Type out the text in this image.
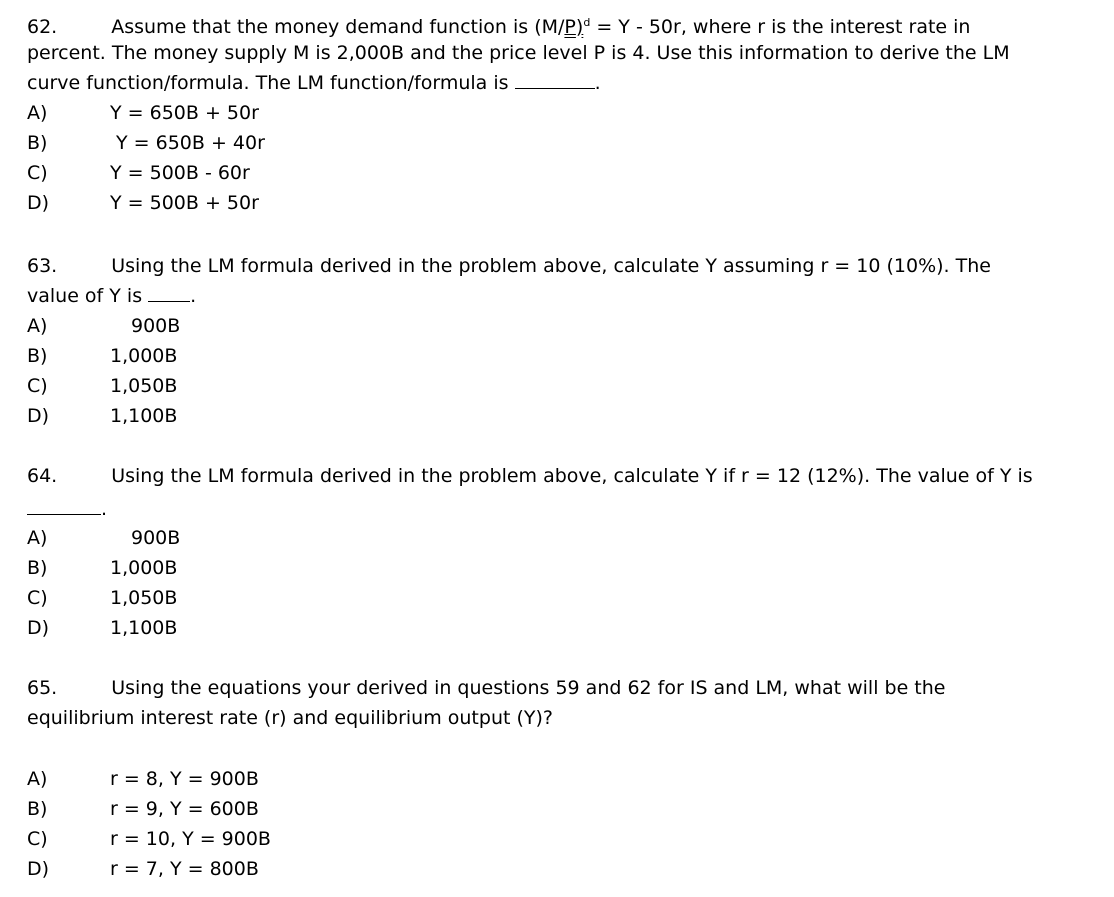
62.	Assume that the money demand function is $(M/P)^d = Y - 50r$, where r is the interest rate in
percent. The money supply M is 2,000B and the price level P is 4. Use this information to derive the LM
curve function/formula. The LM function/formula is	.
A)	Y = 650B + 50r
B)	Y = 650B + 40r
C)	Y = 500B - 60r
D)	Y = 500B + 50r
63.	Using the LM formula derived in the problem above, calculate Y assuming r = 10 (10%). The
value of Y is	.
A)	900B
B)	1,000B
C)	1,050B
D)	1,100B
64.	Using the LM formula derived in the problem above, calculate Y if r = 12 (12%). The value of Y is
.
A)	900B
B)	1,000B
C)	1,050B
D)	1,100B
65.	Using the equations your derived in questions 59 and 62 for IS and LM, what will be the
equilibrium interest rate (r) and equilibrium output (Y)?
A)	r = 8, Y = 900B
B)	r = 9, Y = 600B
C)	r = 10, Y = 900B
D)	r = 7, Y = 800B
